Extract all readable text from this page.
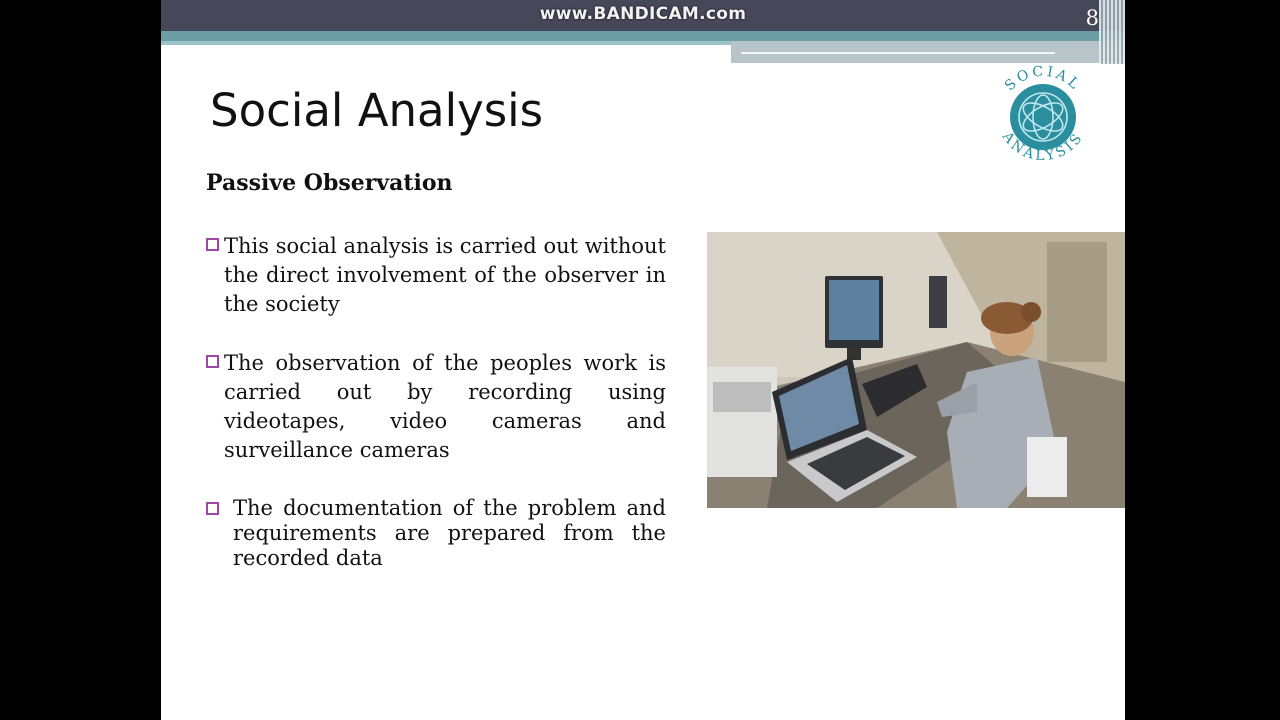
www.BANDICAM.com	8
Social Analysis
Passive Observation
This social analysis is carried out without the direct involvement of the observer in the society
The observation of the peoples work is carried out by recording using videotapes, video cameras and surveillance cameras
The documentation of the problem and requirements are prepared from the recorded data
SOCIAL
ANALYSIS
